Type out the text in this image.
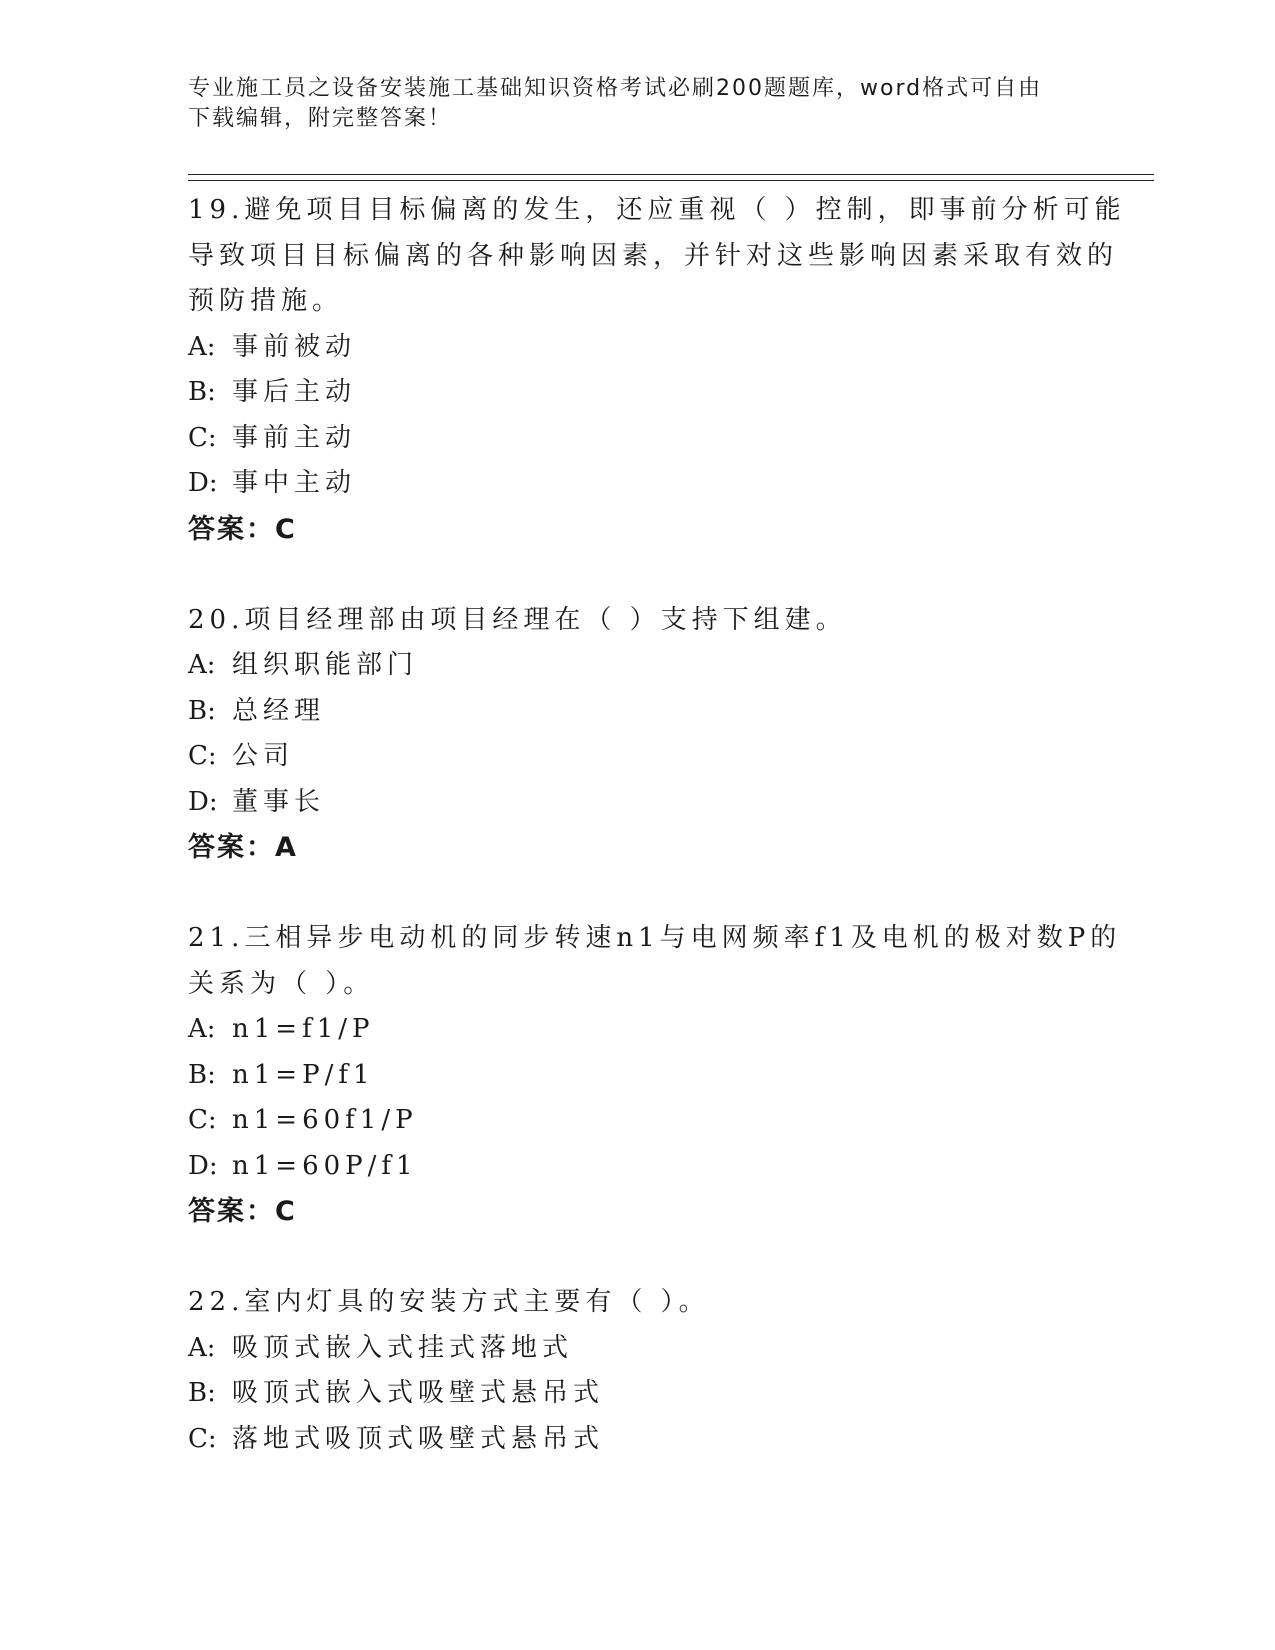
专业施工员之设备安装施工基础知识资格考试必刷200题题库，word格式可自由
下载编辑，附完整答案！
19.避免项目目标偏离的发生，还应重视（ ）控制，即事前分析可能
导致项目目标偏离的各种影响因素，并针对这些影响因素采取有效的
预防措施。
A: 事前被动
B: 事后主动
C: 事前主动
D: 事中主动
答案：C
20.项目经理部由项目经理在（ ）支持下组建。
A: 组织职能部门
B: 总经理
C: 公司
D: 董事长
答案：A
21.三相异步电动机的同步转速n1与电网频率f1及电机的极对数P的
关系为（ ）。
A: n1=f1/P
B: n1=P/f1
C: n1=60f1/P
D: n1=60P/f1
答案：C
22.室内灯具的安装方式主要有（ ）。
A: 吸顶式嵌入式挂式落地式
B: 吸顶式嵌入式吸壁式悬吊式
C: 落地式吸顶式吸壁式悬吊式
